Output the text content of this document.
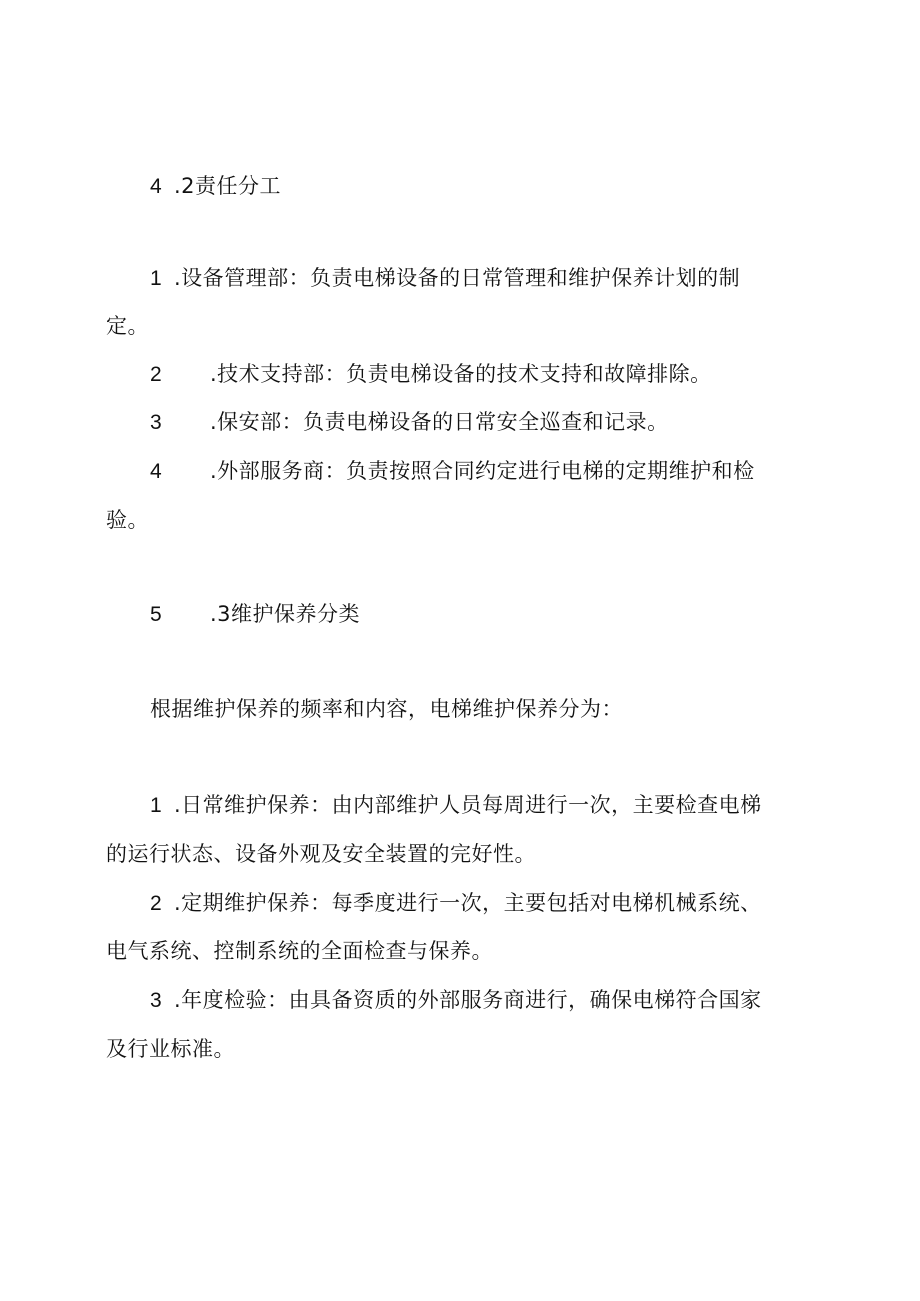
4 .2责任分工
1 .设备管理部：负责电梯设备的日常管理和维护保养计划的制
定。
2 .技术支持部：负责电梯设备的技术支持和故障排除。
3 .保安部：负责电梯设备的日常安全巡查和记录。
4 .外部服务商：负责按照合同约定进行电梯的定期维护和检
验。
5 .3维护保养分类
根据维护保养的频率和内容，电梯维护保养分为：
1 .日常维护保养：由内部维护人员每周进行一次，主要检查电梯
的运行状态、设备外观及安全装置的完好性。
2 .定期维护保养：每季度进行一次，主要包括对电梯机械系统、
电气系统、控制系统的全面检查与保养。
3 .年度检验：由具备资质的外部服务商进行，确保电梯符合国家
及行业标准。
